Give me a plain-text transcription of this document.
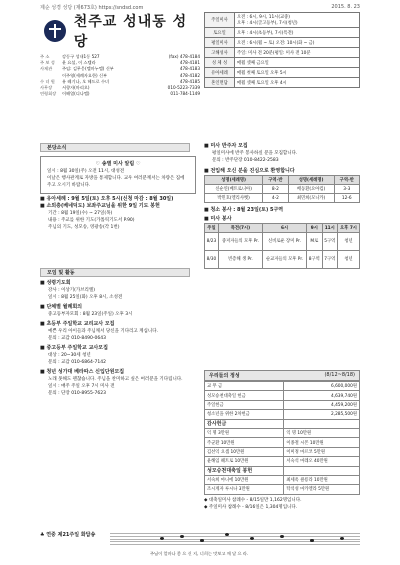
제순 성경 성당 (제673호) https://sndsd.com	2015. 8. 23
천주교 성내동 성당
주 소	강동구 성내1동 527	(fax) 478-4184
주 보 성	윤 요섭, 이 스텔라	478-4181
사제관	주임: 김무웅(엘마누엘) 신부	478-4183
이주영(세례자요한) 신부	478-4182
수 녀 원	유 레기나, 오 헤드로 수녀	478-4185
사무장	서향자(마리오)	010-5223-7339
연령회장	이해열(디나엘)	011-784-1149
주일미사	오전 : 6시, 9시, 11시(교중)
오후 : 4시(글고등부), 7시(청년)
토요일	오후 : 4시(초등부), 7시(특전)
평일미사	오전 : 6시(월 ~ 토) 오전: 10시(화 ~ 금)
고해성사	주일: 미사 전 20분(평일: 미사 전 10분
성 체 성	매월 셋째 금요일
유아세례	매월 첫째 토요일 오후 5시
혼인면담	매월 셋째 토요일 오후 4시
본당소식
♡ 송별 미사 알림 ♡
일시 : 8월 30일(주) 오전 11시, 대성전
이날은 행사관계로 자방을 통제합니다. 교우 여러분께서는 차량은 집에 주고 오시기 바랍니다.
■ 유아세례 : 9월 5일(토) 오후 5시(신청 마감 : 8월 30일)
■ 소외층(베네딕도) 보좌주교님을 위한 9일 기도 봉헌
기간 : 8월 19일(수) ~ 27일(목)
내용 : 주교를 위한 기도(가톨릭기도서 P.90)
주님의 기도, 성모송, 영광송(각 1번)
모임 및 활동
■ 성령기도회
강사 : 이상기(가브리엘)
일시 : 8월 25일(화) 오후 8시, 소성전
■ 단체별 월례회의
중고등부자모회 : 8월 23일(주일) 오후 3시
■ 초등부 주일학교 교리교사 모집
예쁜 우리 아이들과 주님께서 당신을 기다리고 계십니다.
문의 : 교감 010-8490-0643
■ 중고등부 주일학교 교사모집
대상 : 20~30세 청년
문의 : 교감 010-6864-7142
■ 청년 성가대 베라따스 신입단원모집
노래 못해도 괜찮습니다. 주님을 찬미하고 싶은 여러분을 기다립니다.
일시 : 매주 주일 오후 7시 미사 전
문의 : 단장 010-8955-7623
■ 미사 반주자 모집
평일미사에 반주 봉사하실 분을 모집합니다.
문의 : 반주단장 010-8422-2583
■ 전입해 오신 분을 진심으로 환영합니다
성명(세례명)	구역-반	성명(세례명)	구역-반
신순연(베트로니아)	8-2	배동환(요아킴)	3-3
박민호(엘리사벳)	4-2	최민희(모니카)	12-6
■ 청소 봉사 : 8월 23일(토) 5구역
■ 미사 봉사
주일	특전(7시)	6시	9시	11시	오후 7시
8/23	중저자들의 모후 Pr.	신비로운 장미 Pr.	M로	5구역	청년
8/30	빈층해 생 Pr.	순교자들의 모후 Pr.	8구역	7구역	청년
우리들의 정성	(8/12~8/18)
교 무 금	6,600,000원
성모승천대축일 헌금	4,639,740원
주일헌금	4,459,200원
청소년을 위한 2차헌금	2,285,500원
감사헌금	
익 명 3만원	익 명 10만원
주군환 10만원	이종철 시몬 10만원
김선익 요셉 10만원	이미정 마르코 5만원
윤해임 헤트로 10만원	서숙석 마레오 40만원
성모승천대축일 봉헌	
서숙희 마니에 10만원	최세옥 클룡라 10만원
조시계자 루시나 3만원	탁석성 마카엘라 5만원
◆ 대축일미사 참례수 - 8/15일만 1,162명입니다.
◆ 주일미사 참례수 - 8/16일은 1,304명입니다.
♣ 연중 제21주일 화답송
주님이 얼마나 좋 으 신 지, 너희는 맛보고 깨 달 으 라.
